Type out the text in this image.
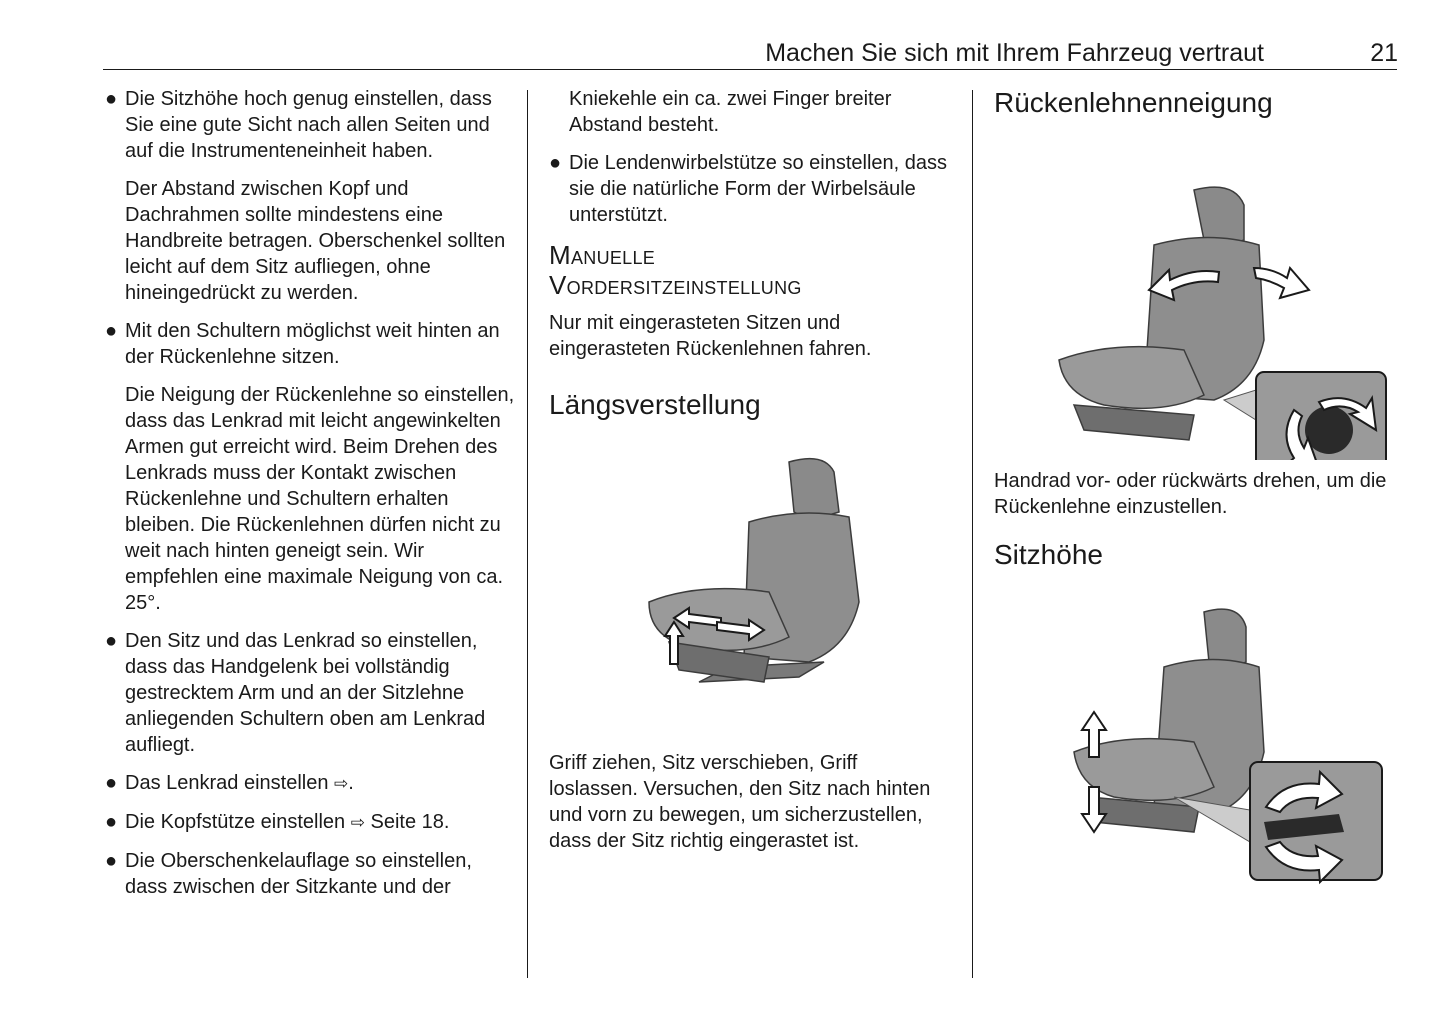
Machen Sie sich mit Ihrem Fahrzeug vertraut	21

● Die Sitzhöhe hoch genug einstellen, dass Sie eine gute Sicht nach allen Seiten und auf die Instrumenteneinheit haben.

Der Abstand zwischen Kopf und Dachrahmen sollte mindestens eine Handbreite betragen. Oberschenkel sollten leicht auf dem Sitz aufliegen, ohne hineingedrückt zu werden.

● Mit den Schultern möglichst weit hinten an der Rückenlehne sitzen.

Die Neigung der Rückenlehne so einstellen, dass das Lenkrad mit leicht angewinkelten Armen gut erreicht wird. Beim Drehen des Lenkrads muss der Kontakt zwischen Rückenlehne und Schultern erhalten bleiben. Die Rückenlehnen dürfen nicht zu weit nach hinten geneigt sein. Wir empfehlen eine maximale Neigung von ca. 25°.

● Den Sitz und das Lenkrad so einstellen, dass das Handgelenk bei vollständig gestrecktem Arm und an der Sitzlehne anliegenden Schultern oben am Lenkrad aufliegt.

● Das Lenkrad einstellen ⇨.

● Die Kopfstütze einstellen ⇨ Seite 18.

● Die Oberschenkelauflage so einstellen, dass zwischen der Sitzkante und der

Kniekehle ein ca. zwei Finger breiter Abstand besteht.

● Die Lendenwirbelstütze so einstellen, dass sie die natürliche Form der Wirbelsäule unterstützt.

Manuelle
Vordersitzeinstellung

Nur mit eingerasteten Sitzen und eingerasteten Rückenlehnen fahren.

Längsverstellung

Griff ziehen, Sitz verschieben, Griff loslassen. Versuchen, den Sitz nach hinten und vorn zu bewegen, um sicherzustellen, dass der Sitz richtig eingerastet ist.

Rückenlehnenneigung

Handrad vor- oder rückwärts drehen, um die Rückenlehne einzustellen.

Sitzhöhe
